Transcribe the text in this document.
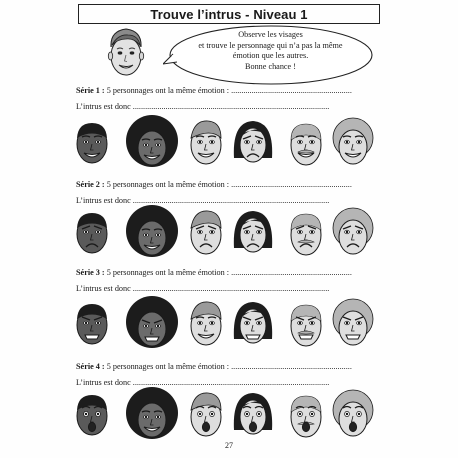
Trouve l’intrus - Niveau 1
Observe les visages
et trouve le personnage qui n’a pas la même
émotion que les autres.
Bonne chance !
Série 1 : 5 personnages ont la même émotion : ...........................................................
L’intrus est donc ................................................................................................
Série 2 : 5 personnages ont la même émotion : ...........................................................
L’intrus est donc ................................................................................................
Série 3 : 5 personnages ont la même émotion : ...........................................................
L’intrus est donc ................................................................................................
Série 4 : 5 personnages ont la même émotion : ...........................................................
L’intrus est donc ................................................................................................
27
